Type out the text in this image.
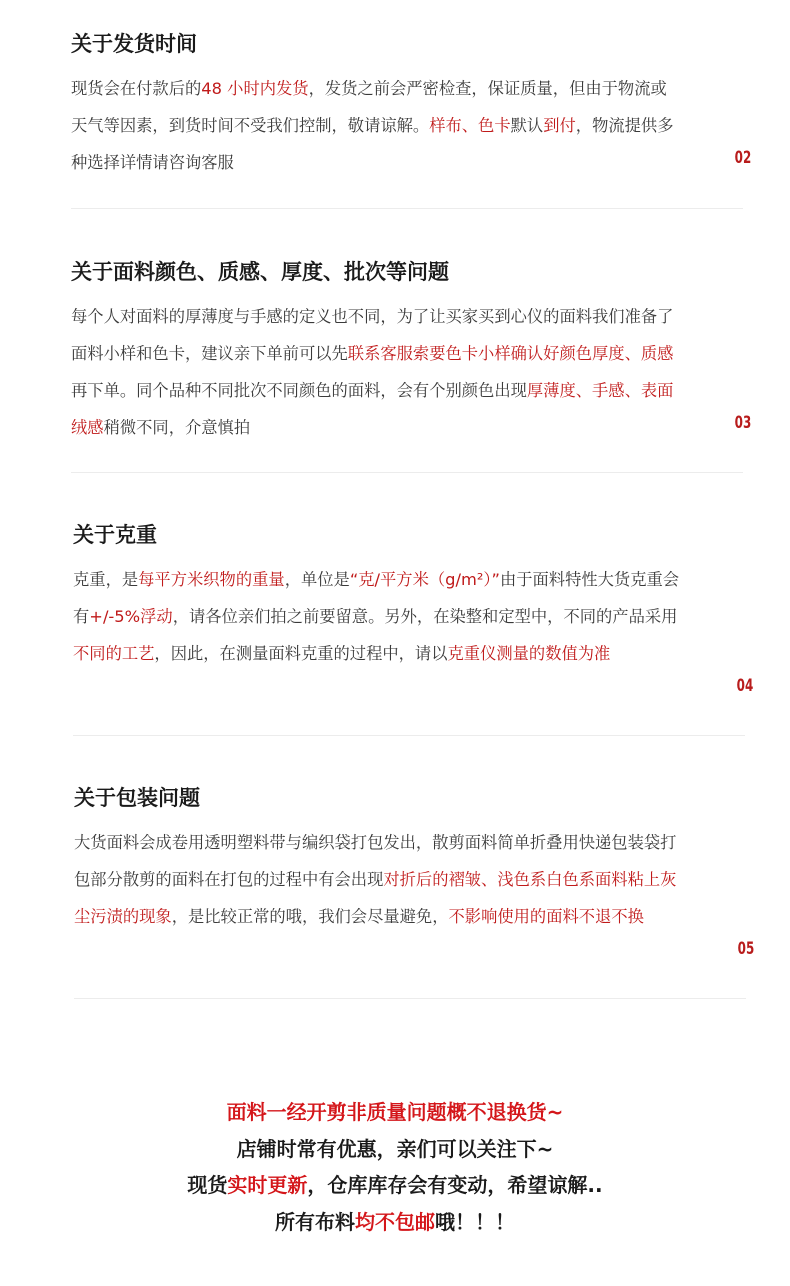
关于发货时间

现货会在付款后的48 小时内发货，发货之前会严密检查，保证质量，但由于物流或天气等因素，到货时间不受我们控制，敬请谅解。样布、色卡默认到付，物流提供多种选择详情请咨询客服	02
关于面料颜色、质感、厚度、批次等问题

每个人对面料的厚薄度与手感的定义也不同，为了让买家买到心仪的面料我们准备了面料小样和色卡，建议亲下单前可以先联系客服索要色卡小样确认好颜色厚度、质感再下单。同个品种不同批次不同颜色的面料，会有个别颜色出现厚薄度、手感、表面绒感稍微不同，介意慎拍	03
关于克重

克重，是每平方米织物的重量，单位是“克/平方米（g/m²）”由于面料特性大货克重会有+/-5%浮动，请各位亲们拍之前要留意。另外，在染整和定型中，不同的产品采用不同的工艺，因此，在测量面料克重的过程中，请以克重仪测量的数值为准

04
关于包装问题

大货面料会成卷用透明塑料带与编织袋打包发出，散剪面料简单折叠用快递包装袋打包部分散剪的面料在打包的过程中有会出现对折后的褶皱、浅色系白色系面料粘上灰尘污渍的现象，是比较正常的哦，我们会尽量避免，不影响使用的面料不退不换

05
面料一经开剪非质量问题概不退换货~
店铺时常有优惠，亲们可以关注下~
现货实时更新，仓库库存会有变动，希望谅解..
所有布料均不包邮哦！！！
